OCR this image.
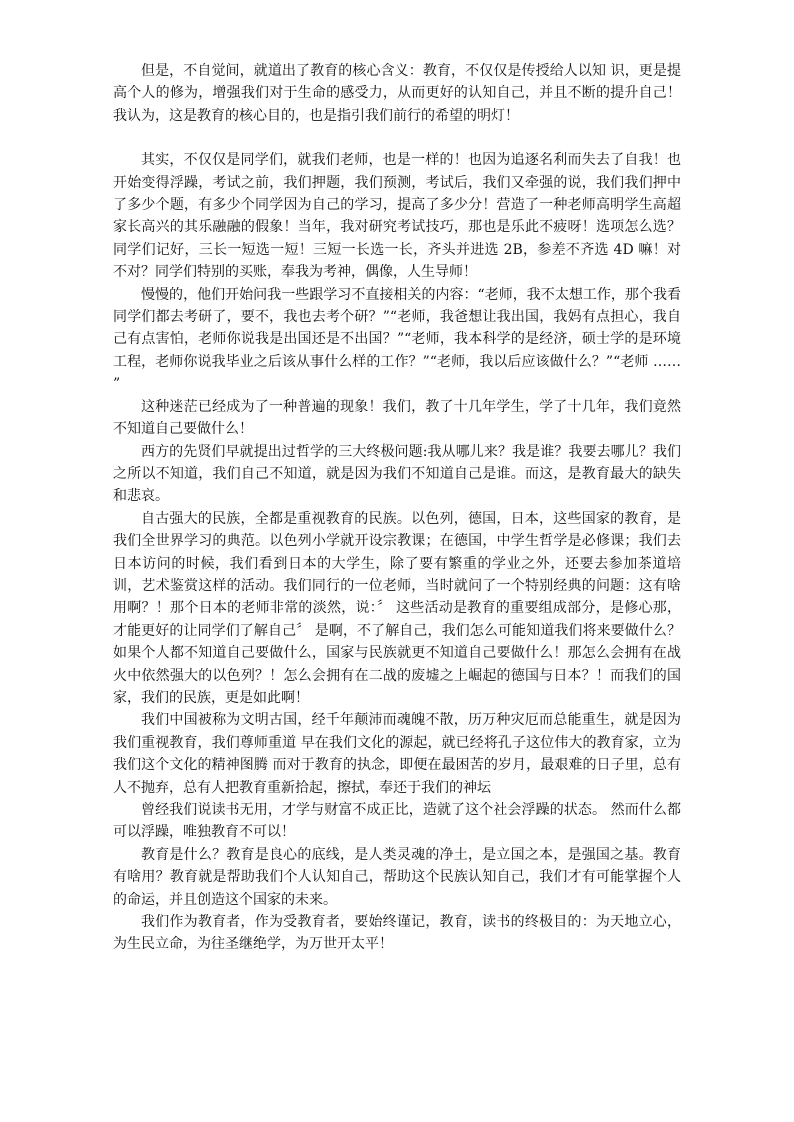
但是，不自觉间，就道出了教育的核心含义：教育，不仅仅是传授给人以知 识，更是提高个人的修为，增强我们对于生命的感受力，从而更好的认知自己，并且不断的提升自己！我认为，这是教育的核心目的，也是指引我们前行的希望的明灯！

其实，不仅仅是同学们，就我们老师，也是一样的！也因为追逐名利而失去了自我！也开始变得浮躁，考试之前，我们押题，我们预测，考试后，我们又牵强的说，我们我们押中了多少个题，有多少个同学因为自己的学习，提高了多少分！营造了一种老师高明学生高超家长高兴的其乐融融的假象！当年，我对研究考试技巧，那也是乐此不疲呀！选项怎么选？同学们记好，三长一短选一短！三短一长选一长，齐头并进选 2B，参差不齐选 4D 嘛！对不对？同学们特别的买账，奉我为考神，偶像，人生导师！

慢慢的，他们开始问我一些跟学习不直接相关的内容：“老师，我不太想工作，那个我看同学们都去考研了，要不，我也去考个研？”“老师，我爸想让我出国，我妈有点担心，我自己有点害怕，老师你说我是出国还是不出国？”“老师，我本科学的是经济，硕士学的是环境工程，老师你说我毕业之后该从事什么样的工作？”“老师，我以后应该做什么？”“老师 …… ”

这种迷茫已经成为了一种普遍的现象！我们，教了十几年学生，学了十几年，我们竟然不知道自己要做什么！

西方的先贤们早就提出过哲学的三大终极问题:我从哪儿来？我是谁？我要去哪儿？我们之所以不知道，我们自己不知道，就是因为我们不知道自己是谁。而这，是教育最大的缺失和悲哀。

自古强大的民族，全都是重视教育的民族。以色列，德国，日本，这些国家的教育，是我们全世界学习的典范。以色列小学就开设宗教课；在德国，中学生哲学是必修课；我们去日本访问的时候，我们看到日本的大学生，除了要有繁重的学业之外，还要去参加茶道培训，艺术鉴赏这样的活动。我们同行的一位老师，当时就问了一个特别经典的问题：这有啥用啊？！那个日本的老师非常的淡然，说：〞 这些活动是教育的重要组成部分，是修心那，才能更好的让同学们了解自己〞 是啊，不了解自己，我们怎么可能知道我们将来要做什么？如果个人都不知道自己要做什么，国家与民族就更不知道自己要做什么！那怎么会拥有在战火中依然强大的以色列？！怎么会拥有在二战的废墟之上崛起的德国与日本？！而我们的国家，我们的民族，更是如此啊！

我们中国被称为文明古国，经千年颠沛而魂魄不散，历万种灾厄而总能重生，就是因为我们重视教育，我们尊师重道 早在我们文化的源起，就已经将孔子这位伟大的教育家，立为我们这个文化的精神图腾 而对于教育的执念，即便在最困苦的岁月，最艰难的日子里，总有人不抛弃，总有人把教育重新拾起，擦拭，奉还于我们的神坛

曾经我们说读书无用，才学与财富不成正比，造就了这个社会浮躁的状态。 然而什么都可以浮躁，唯独教育不可以！

教育是什么？教育是良心的底线，是人类灵魂的净土，是立国之本，是强国之基。教育有啥用？教育就是帮助我们个人认知自己，帮助这个民族认知自己，我们才有可能掌握个人的命运，并且创造这个国家的未来。

我们作为教育者，作为受教育者，要始终谨记，教育，读书的终极目的：为天地立心，为生民立命，为往圣继绝学，为万世开太平！
